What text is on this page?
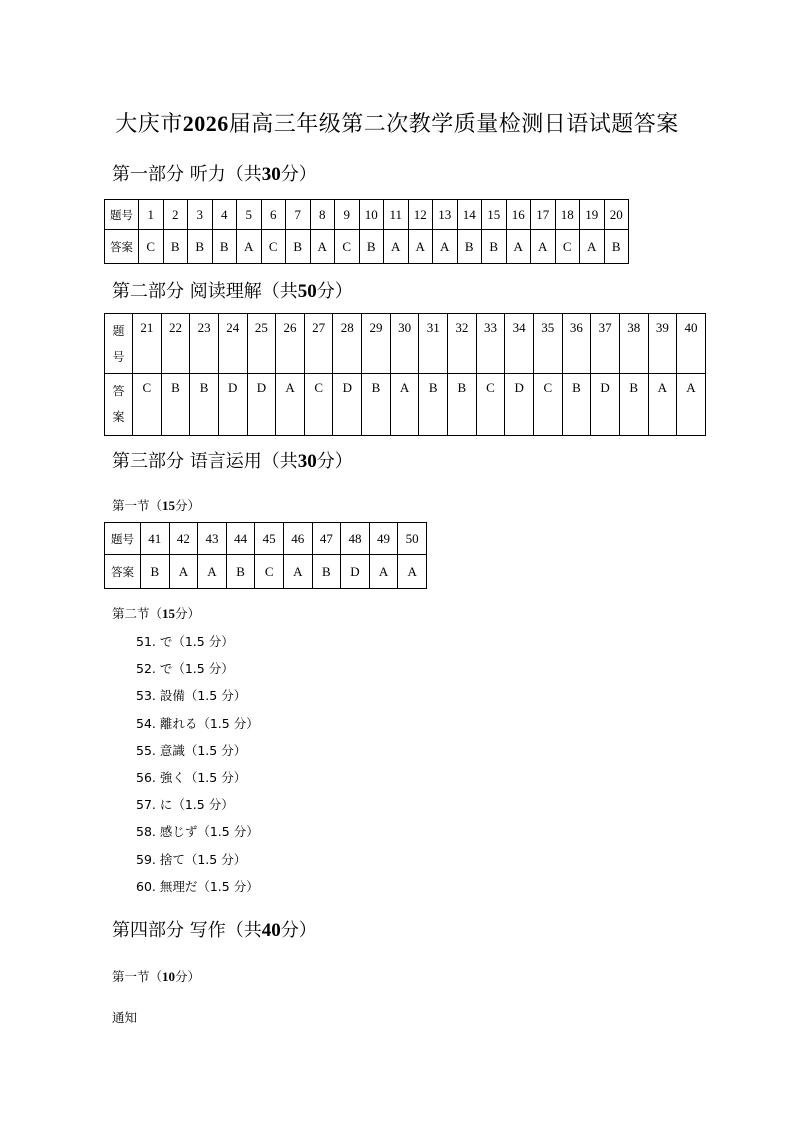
大庆市2026届高三年级第二次教学质量检测日语试题答案
第一部分 听力（共30分）
题号	1	2	3	4	5	6	7	8	9	10	11	12	13	14	15	16	17	18	19	20
答案	C	B	B	B	A	C	B	A	C	B	A	A	A	B	B	A	A	C	A	B
第二部分 阅读理解（共50分）
题
号	21	22	23	24	25	26	27	28	29	30	31	32	33	34	35	36	37	38	39	40
答
案	C	B	B	D	D	A	C	D	B	A	B	B	C	D	C	B	D	B	A	A
第三部分 语言运用（共30分）
第一节（15分）
题号	41	42	43	44	45	46	47	48	49	50
答案	B	A	A	B	C	A	B	D	A	A
第二节（15分）
51. で（1.5 分）
52. で（1.5 分）
53. 設備（1.5 分）
54. 離れる（1.5 分）
55. 意識（1.5 分）
56. 強く（1.5 分）
57. に（1.5 分）
58. 感じず（1.5 分）
59. 捨て（1.5 分）
60. 無理だ（1.5 分）
第四部分 写作（共40分）
第一节（10分）
通知
